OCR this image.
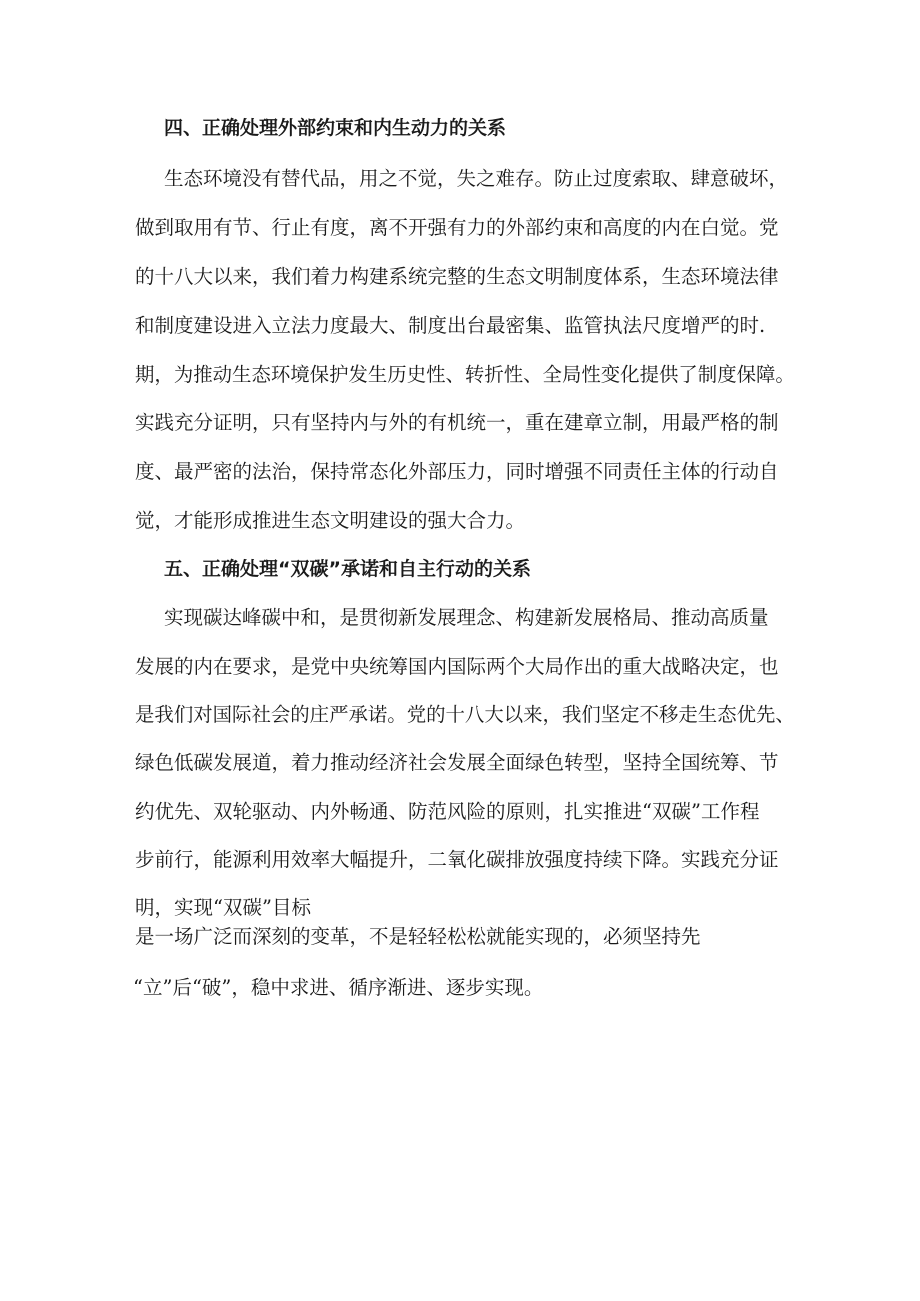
四、正确处理外部约束和内生动力的关系

生态环境没有替代品，用之不觉，失之难存。防止过度索取、肆意破坏，

做到取用有节、行止有度，离不开强有力的外部约束和高度的内在白觉。党

的十八大以来，我们着力构建系统完整的生态文明制度体系，生态环境法律

和制度建设进入立法力度最大、制度出台最密集、监管执法尺度增严的时.

期，为推动生态环境保护发生历史性、转折性、全局性变化提供了制度保障。

实践充分证明，只有坚持内与外的有机统一，重在建章立制，用最严格的制

度、最严密的法治，保持常态化外部压力，同时增强不同责任主体的行动自

觉，才能形成推进生态文明建设的强大合力。

五、正确处理“双碳”承诺和自主行动的关系

实现碳达峰碳中和，是贯彻新发展理念、构建新发展格局、推动高质量

发展的内在要求，是党中央统筹国内国际两个大局作出的重大战略决定，也

是我们对国际社会的庄严承诺。党的十八大以来，我们坚定不移走生态优先、

绿色低碳发展道，着力推动经济社会发展全面绿色转型，坚持全国统筹、节

约优先、双轮驱动、内外畅通、防范风险的原则，扎实推进“双碳”工作程

步前行，能源利用效率大幅提升，二氧化碳排放强度持续下降。实践充分证

明，实现“双碳”目标

是一场广泛而深刻的变革，不是轻轻松松就能实现的，必须坚持先

“立”后“破”，稳中求进、循序渐进、逐步实现。
